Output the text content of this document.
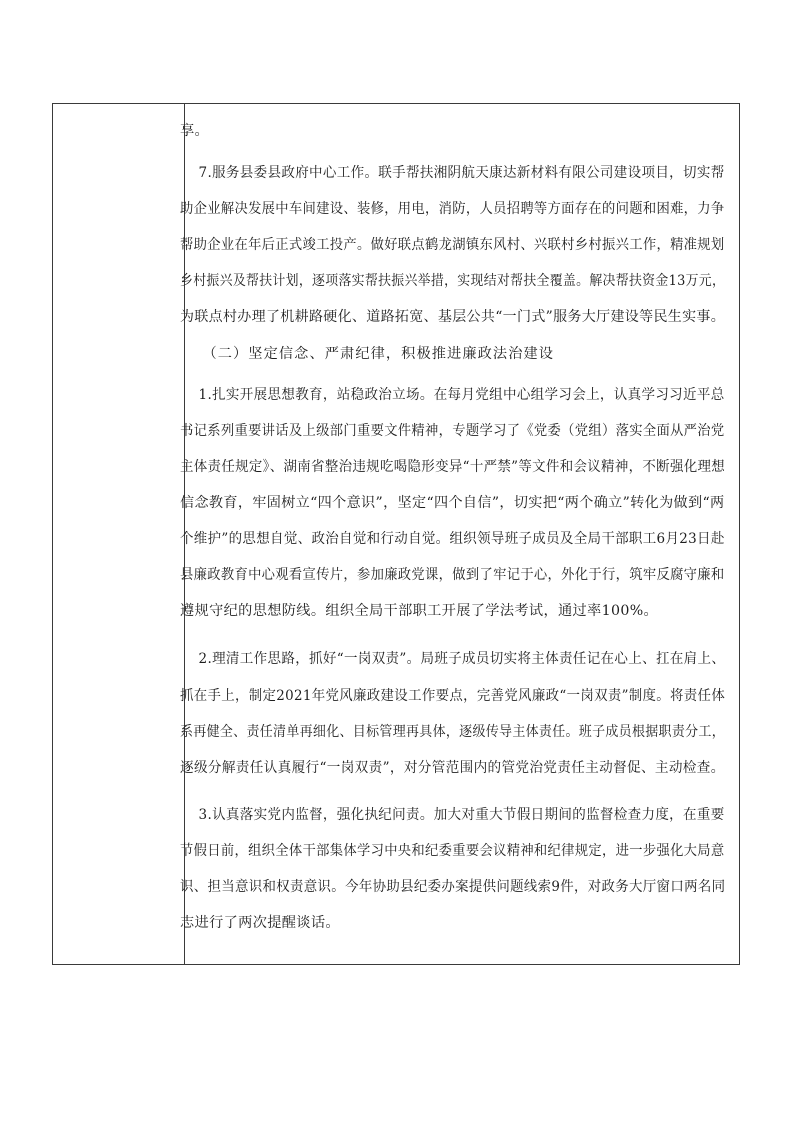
享。
7.服务县委县政府中心工作。联手帮扶湘阴航天康达新材料有限公司建设项目，切实帮
助企业解决发展中车间建设、装修，用电，消防，人员招聘等方面存在的问题和困难，力争
帮助企业在年后正式竣工投产。做好联点鹤龙湖镇东风村、兴联村乡村振兴工作，精准规划
乡村振兴及帮扶计划，逐项落实帮扶振兴举措，实现结对帮扶全覆盖。解决帮扶资金13万元，
为联点村办理了机耕路硬化、道路拓宽、基层公共“一门式”服务大厅建设等民生实事。
（二）坚定信念、严肃纪律，积极推进廉政法治建设
1.扎实开展思想教育，站稳政治立场。在每月党组中心组学习会上，认真学习习近平总
书记系列重要讲话及上级部门重要文件精神，专题学习了《党委（党组）落实全面从严治党
主体责任规定》、湖南省整治违规吃喝隐形变异“十严禁”等文件和会议精神，不断强化理想
信念教育，牢固树立“四个意识”，坚定“四个自信”，切实把“两个确立”转化为做到“两
个维护”的思想自觉、政治自觉和行动自觉。组织领导班子成员及全局干部职工6月23日赴
县廉政教育中心观看宣传片，参加廉政党课，做到了牢记于心，外化于行，筑牢反腐守廉和
遵规守纪的思想防线。组织全局干部职工开展了学法考试，通过率100%。
2.理清工作思路，抓好“一岗双责”。局班子成员切实将主体责任记在心上、扛在肩上、
抓在手上，制定2021年党风廉政建设工作要点，完善党风廉政“一岗双责”制度。将责任体
系再健全、责任清单再细化、目标管理再具体，逐级传导主体责任。班子成员根据职责分工，
逐级分解责任认真履行“一岗双责”，对分管范围内的管党治党责任主动督促、主动检查。
3.认真落实党内监督，强化执纪问责。加大对重大节假日期间的监督检查力度，在重要
节假日前，组织全体干部集体学习中央和纪委重要会议精神和纪律规定，进一步强化大局意
识、担当意识和权责意识。今年协助县纪委办案提供问题线索9件，对政务大厅窗口两名同
志进行了两次提醒谈话。
